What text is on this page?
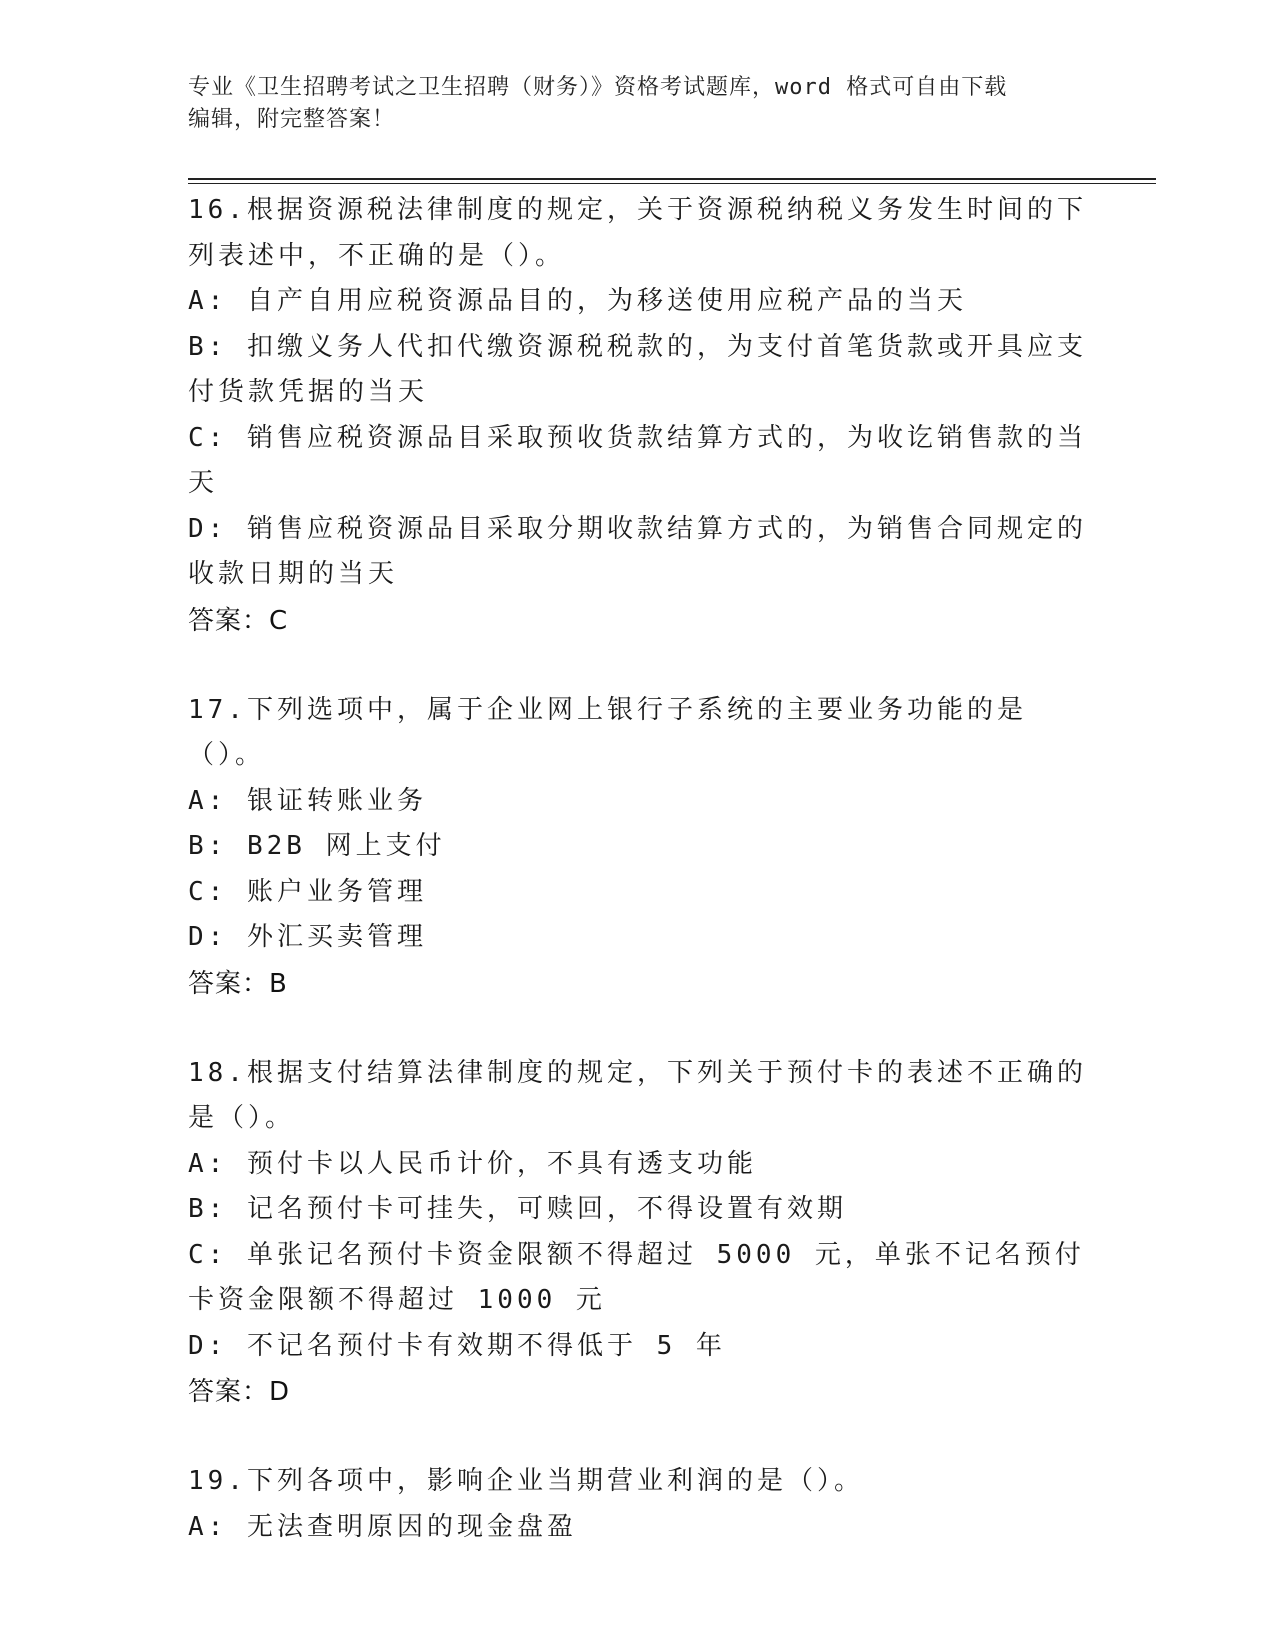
专业《卫生招聘考试之卫生招聘（财务）》资格考试题库，word 格式可自由下载
编辑，附完整答案！
16.根据资源税法律制度的规定，关于资源税纳税义务发生时间的下列表述中，不正确的是（）。
A: 自产自用应税资源品目的，为移送使用应税产品的当天
B: 扣缴义务人代扣代缴资源税税款的，为支付首笔货款或开具应支付货款凭据的当天
C: 销售应税资源品目采取预收货款结算方式的，为收讫销售款的当天
D: 销售应税资源品目采取分期收款结算方式的，为销售合同规定的收款日期的当天
答案：C
17.下列选项中，属于企业网上银行子系统的主要业务功能的是（）。
A: 银证转账业务
B: B2B 网上支付
C: 账户业务管理
D: 外汇买卖管理
答案：B
18.根据支付结算法律制度的规定，下列关于预付卡的表述不正确的是（）。
A: 预付卡以人民币计价，不具有透支功能
B: 记名预付卡可挂失，可赎回，不得设置有效期
C: 单张记名预付卡资金限额不得超过 5000 元，单张不记名预付卡资金限额不得超过 1000 元
D: 不记名预付卡有效期不得低于 5 年
答案：D
19.下列各项中，影响企业当期营业利润的是（）。
A: 无法查明原因的现金盘盈
